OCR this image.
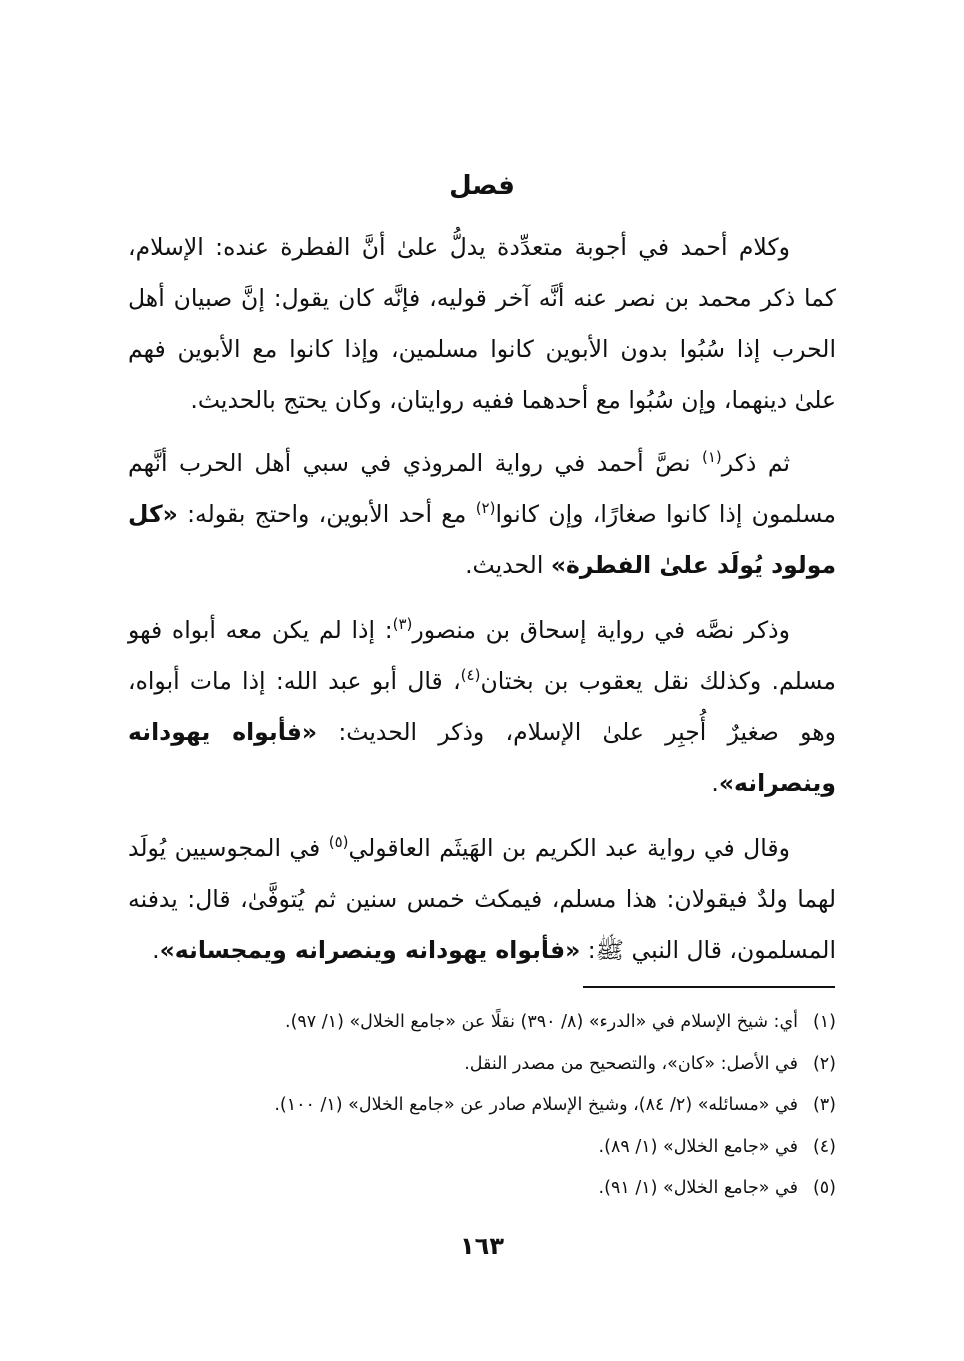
فصل

وكلام أحمد في أجوبة متعدِّدة يدلُّ علىٰ أنَّ الفطرة عنده: الإسلام، كما ذكر محمد بن نصر عنه أنَّه آخر قوليه، فإنَّه كان يقول: إنَّ صبيان أهل الحرب إذا سُبُوا بدون الأبوين كانوا مسلمين، وإذا كانوا مع الأبوين فهم علىٰ دينهما، وإن سُبُوا مع أحدهما ففيه روايتان، وكان يحتج بالحديث.

ثم ذكر$^{(١)}$ نصَّ أحمد في رواية المروذي في سبي أهل الحرب أنَّهم مسلمون إذا كانوا صغارًا، وإن كانوا$^{(٢)}$ مع أحد الأبوين، واحتج بقوله: «كل مولود يُولَد علىٰ الفطرة» الحديث.

وذكر نصَّه في رواية إسحاق بن منصور$^{(٣)}$: إذا لم يكن معه أبواه فهو مسلم. وكذلك نقل يعقوب بن بختان$^{(٤)}$، قال أبو عبد الله: إذا مات أبواه، وهو صغيرٌ أُجبِر علىٰ الإسلام، وذكر الحديث: «فأبواه يهودانه وينصرانه».

وقال في رواية عبد الكريم بن الهَيثَم العاقولي$^{(٥)}$ في المجوسيين يُولَد لهما ولدٌ فيقولان: هذا مسلم، فيمكث خمس سنين ثم يُتوفَّىٰ، قال: يدفنه المسلمون، قال النبي ﷺ: «فأبواه يهودانه وينصرانه ويمجسانه».

(١)أي: شيخ الإسلام في «الدرء» (٨/ ٣٩٠) نقلًا عن «جامع الخلال» (١/ ٩٧).
(٢)في الأصل: «كان»، والتصحيح من مصدر النقل.
(٣)في «مسائله» (٢/ ٨٤)، وشيخ الإسلام صادر عن «جامع الخلال» (١/ ١٠٠).
(٤)في «جامع الخلال» (١/ ٨٩).
(٥)في «جامع الخلال» (١/ ٩١).
١٦٣
